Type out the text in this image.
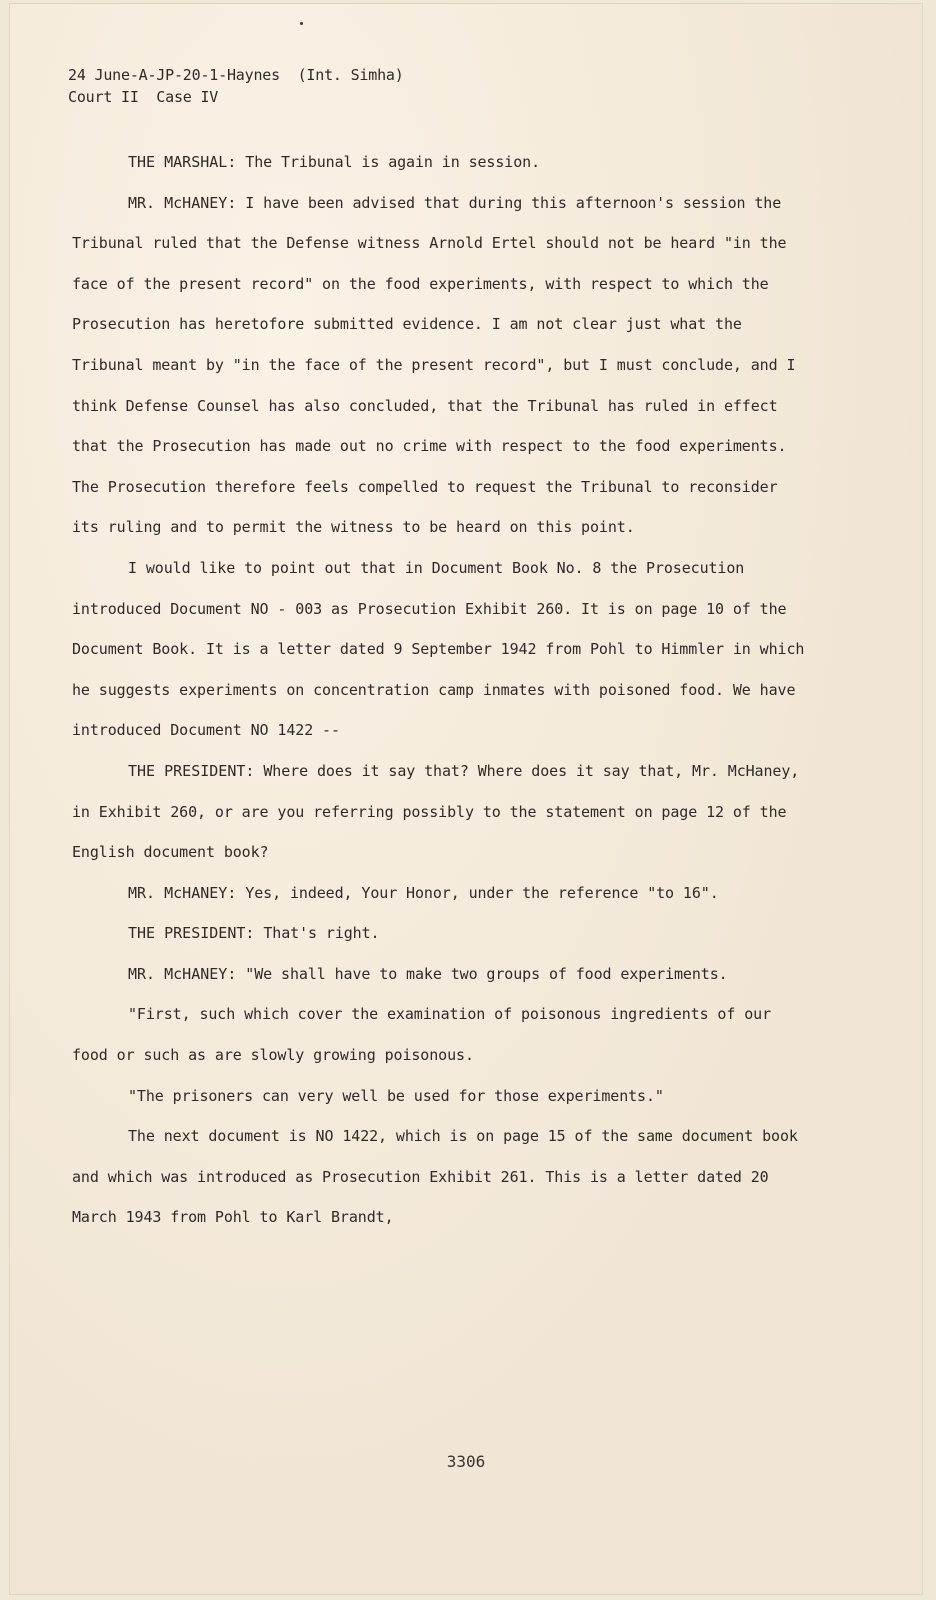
24 June-A-JP-20-1-Haynes  (Int. Simha)
Court II  Case IV

THE MARSHAL: The Tribunal is again in session.

MR. McHANEY: I have been advised that during this afternoon's session the Tribunal ruled that the Defense witness Arnold Ertel should not be heard "in the face of the present record" on the food experiments, with respect to which the Prosecution has heretofore submitted evidence. I am not clear just what the Tribunal meant by "in the face of the present record", but I must conclude, and I think Defense Counsel has also concluded, that the Tribunal has ruled in effect that the Prosecution has made out no crime with respect to the food experiments. The Prosecution therefore feels compelled to request the Tribunal to reconsider its ruling and to permit the witness to be heard on this point.

I would like to point out that in Document Book No. 8 the Prosecution introduced Document NO - 003 as Prosecution Exhibit 260. It is on page 10 of the Document Book. It is a letter dated 9 September 1942 from Pohl to Himmler in which he suggests experiments on concentration camp inmates with poisoned food. We have introduced Document NO 1422 --

THE PRESIDENT: Where does it say that? Where does it say that, Mr. McHaney, in Exhibit 260, or are you referring possibly to the statement on page 12 of the English document book?

MR. McHANEY: Yes, indeed, Your Honor, under the reference "to 16".

THE PRESIDENT: That's right.

MR. McHANEY: "We shall have to make two groups of food experiments.

"First, such which cover the examination of poisonous ingredients of our food or such as are slowly growing poisonous.

"The prisoners can very well be used for those experiments."

The next document is NO 1422, which is on page 15 of the same document book and which was introduced as Prosecution Exhibit 261. This is a letter dated 20 March 1943 from Pohl to Karl Brandt,

3306
